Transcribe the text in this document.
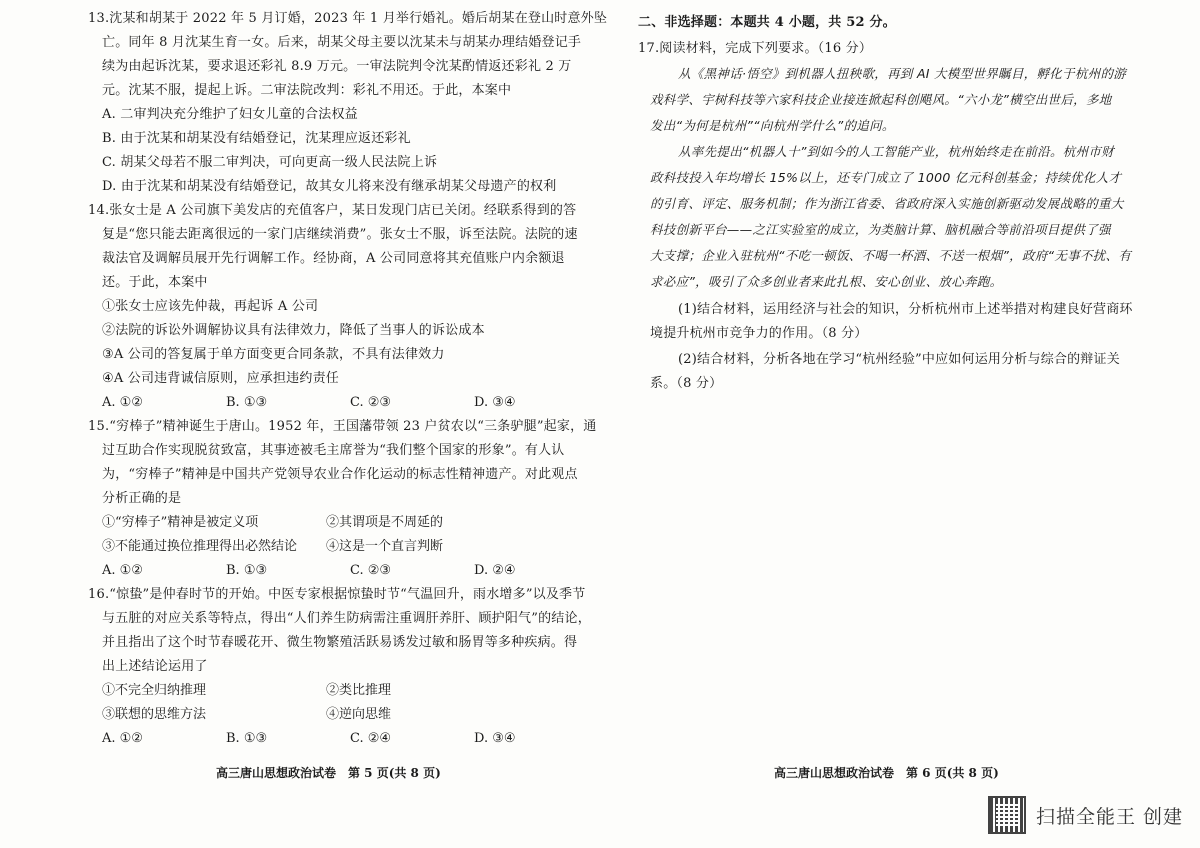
13.沈某和胡某于 2022 年 5 月订婚，2023 年 1 月举行婚礼。婚后胡某在登山时意外坠
亡。同年 8 月沈某生育一女。后来，胡某父母主要以沈某未与胡某办理结婚登记手
续为由起诉沈某，要求退还彩礼 8.9 万元。一审法院判令沈某酌情返还彩礼 2 万
元。沈某不服，提起上诉。二审法院改判：彩礼不用还。于此，本案中
A. 二审判决充分维护了妇女儿童的合法权益
B. 由于沈某和胡某没有结婚登记，沈某理应返还彩礼
C. 胡某父母若不服二审判决，可向更高一级人民法院上诉
D. 由于沈某和胡某没有结婚登记，故其女儿将来没有继承胡某父母遗产的权利
14.张女士是 A 公司旗下美发店的充值客户，某日发现门店已关闭。经联系得到的答
复是“您只能去距离很远的一家门店继续消费”。张女士不服，诉至法院。法院的速
裁法官及调解员展开先行调解工作。经协商，A 公司同意将其充值账户内余额退
还。于此，本案中
①张女士应该先仲裁，再起诉 A 公司
②法院的诉讼外调解协议具有法律效力，降低了当事人的诉讼成本
③A 公司的答复属于单方面变更合同条款，不具有法律效力
④A 公司违背诚信原则，应承担违约责任
A. ①②	B. ①③	C. ②③	D. ③④
15.“穷棒子”精神诞生于唐山。1952 年，王国藩带领 23 户贫农以“三条驴腿”起家，通
过互助合作实现脱贫致富，其事迹被毛主席誉为“我们整个国家的形象”。有人认
为，“穷棒子”精神是中国共产党领导农业合作化运动的标志性精神遗产。对此观点
分析正确的是
①“穷棒子”精神是被定义项	②其谓项是不周延的
③不能通过换位推理得出必然结论	④这是一个直言判断
A. ①②	B. ①③	C. ②③	D. ②④
16.“惊蛰”是仲春时节的开始。中医专家根据惊蛰时节“气温回升，雨水增多”以及季节
与五脏的对应关系等特点，得出“人们养生防病需注重调肝养肝、顾护阳气”的结论，
并且指出了这个时节春暖花开、微生物繁殖活跃易诱发过敏和肠胃等多种疾病。得
出上述结论运用了
①不完全归纳推理	②类比推理
③联想的思维方法	④逆向思维
A. ①②	B. ①③	C. ②④	D. ③④
高三唐山思想政治试卷　第 5 页(共 8 页)
二、非选择题：本题共 4 小题，共 52 分。
17.阅读材料，完成下列要求。（16 分）
从《黑神话·悟空》到机器人扭秧歌，再到 AI 大模型世界瞩目，孵化于杭州的游
戏科学、宇树科技等六家科技企业接连掀起科创飓风。“六小龙”横空出世后，多地
发出“为何是杭州”“向杭州学什么”的追问。
从率先提出“机器人十”到如今的人工智能产业，杭州始终走在前沿。杭州市财
政科技投入年均增长 15%以上，还专门成立了 1000 亿元科创基金；持续优化人才
的引育、评定、服务机制；作为浙江省委、省政府深入实施创新驱动发展战略的重大
科技创新平台——之江实验室的成立，为类脑计算、脑机融合等前沿项目提供了强
大支撑；企业入驻杭州“不吃一顿饭、不喝一杯酒、不送一根烟”，政府“无事不扰、有
求必应”，吸引了众多创业者来此扎根、安心创业、放心奔跑。
(1)结合材料，运用经济与社会的知识，分析杭州市上述举措对构建良好营商环
境提升杭州市竞争力的作用。（8 分）
(2)结合材料，分析各地在学习“杭州经验”中应如何运用分析与综合的辩证关
系。（8 分）
高三唐山思想政治试卷　第 6 页(共 8 页)
扫描全能王 创建
